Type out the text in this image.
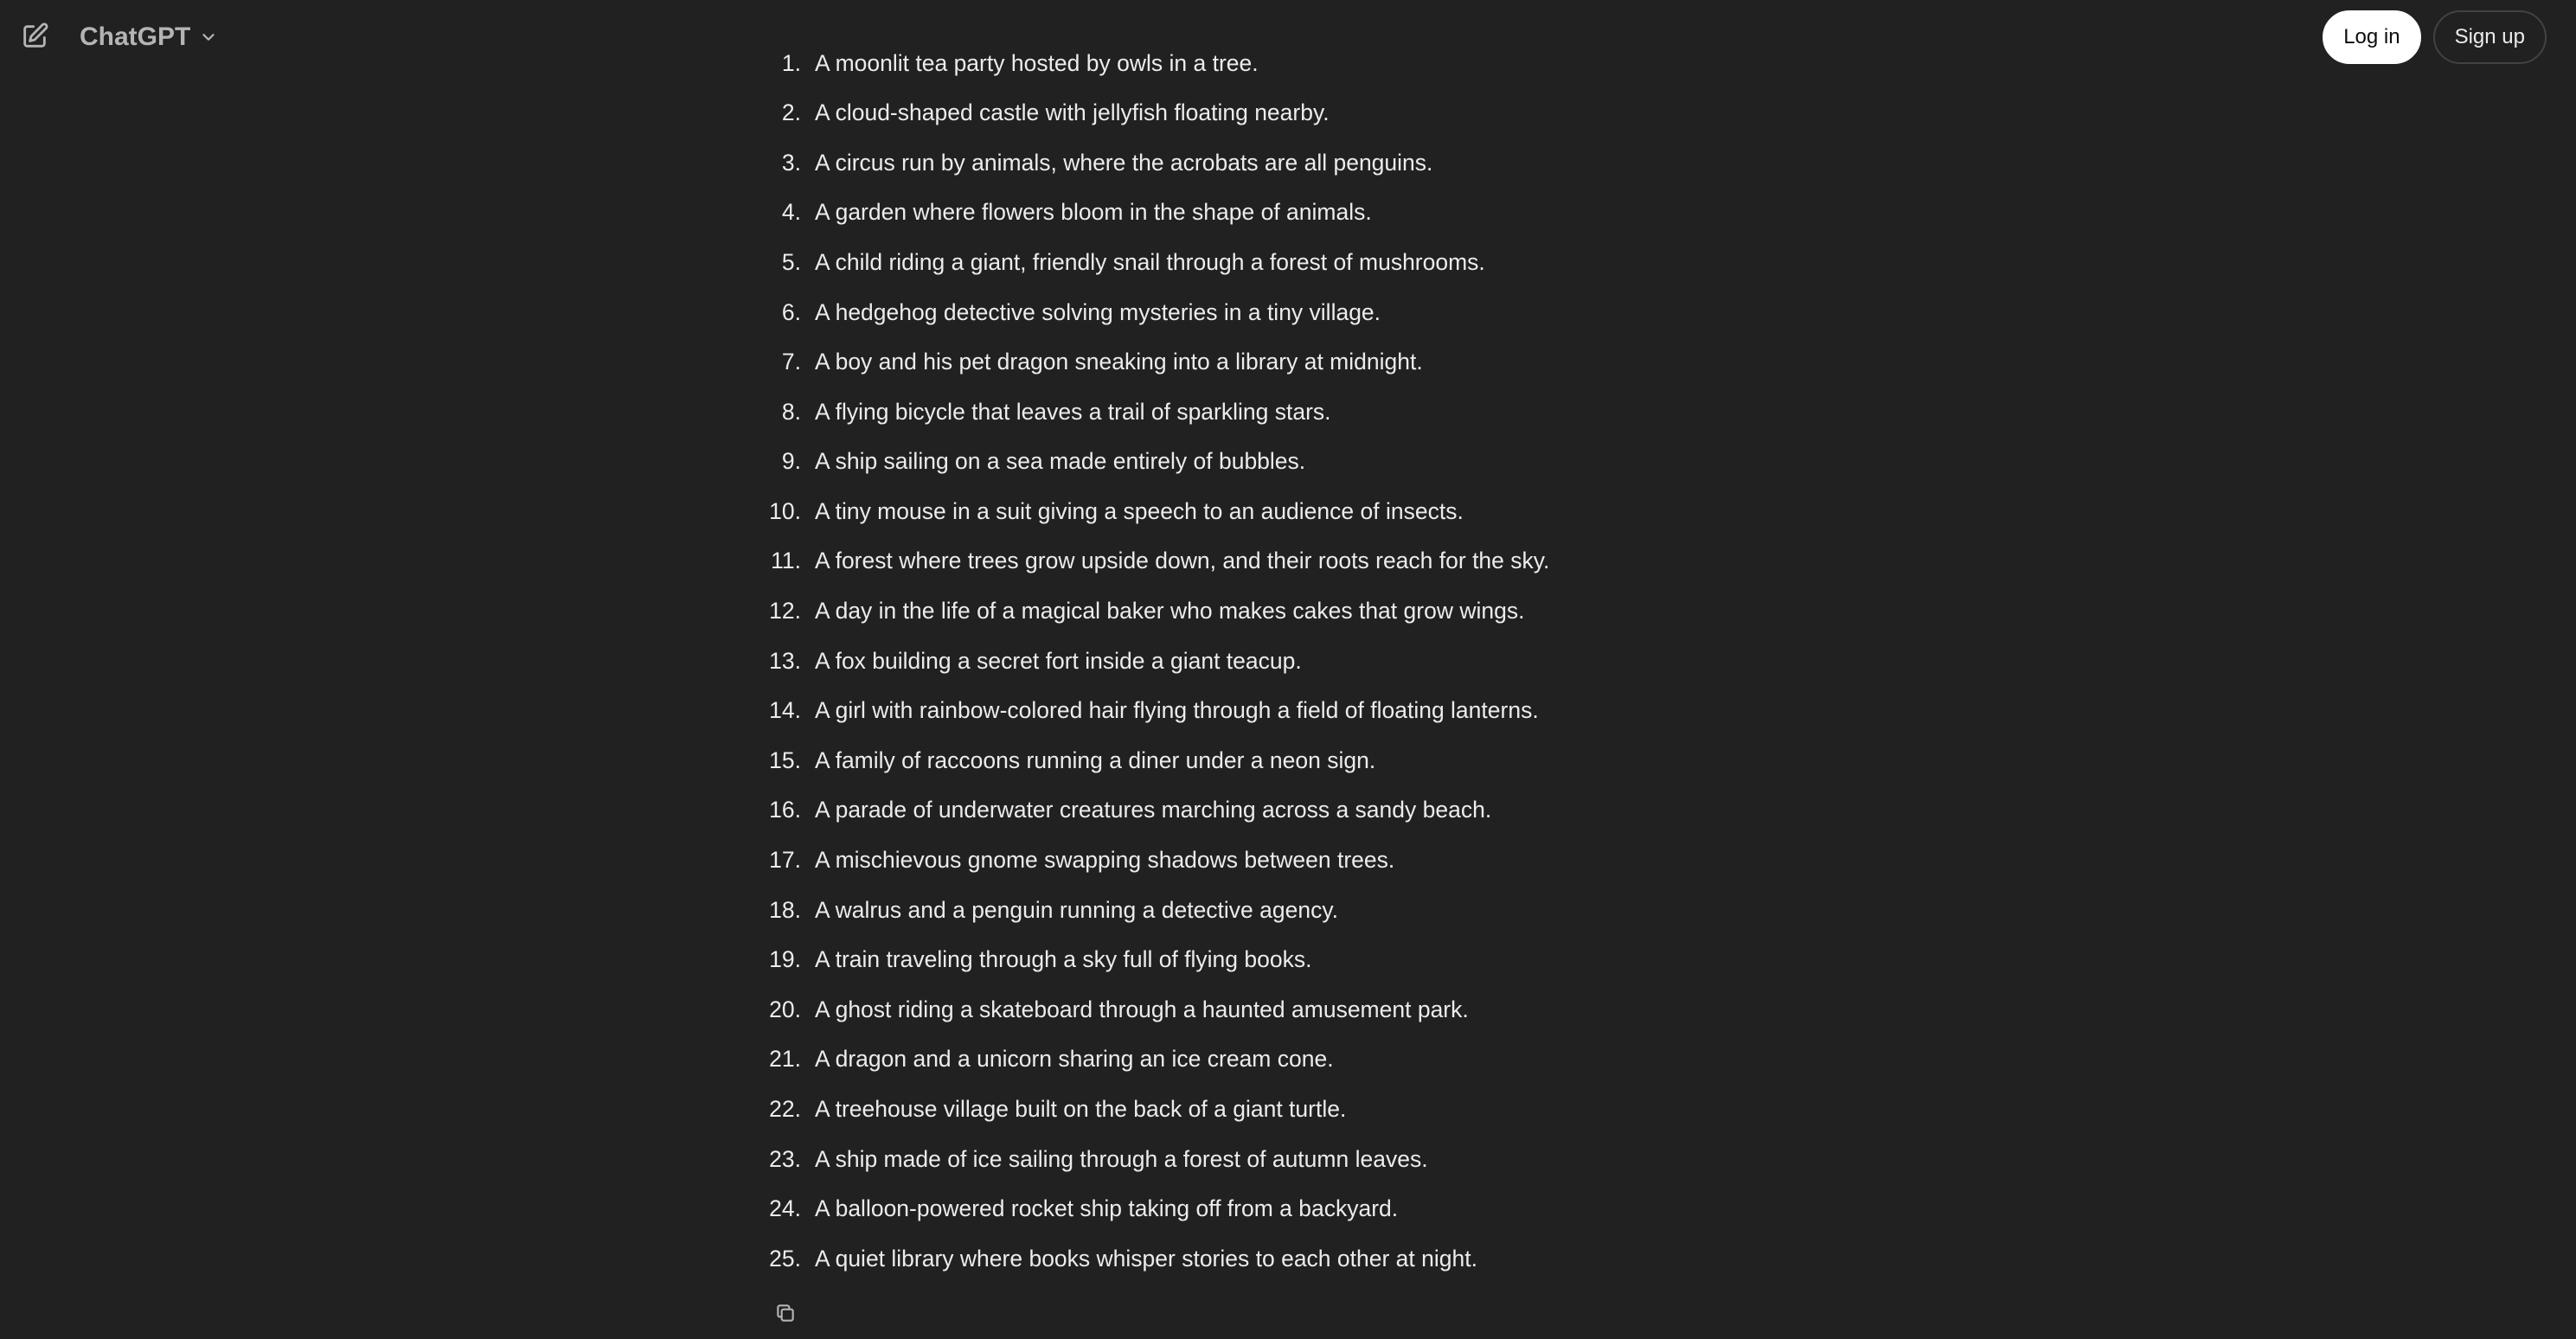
ChatGPT	Log in	Sign up
1. A moonlit tea party hosted by owls in a tree.
2. A cloud-shaped castle with jellyfish floating nearby.
3. A circus run by animals, where the acrobats are all penguins.
4. A garden where flowers bloom in the shape of animals.
5. A child riding a giant, friendly snail through a forest of mushrooms.
6. A hedgehog detective solving mysteries in a tiny village.
7. A boy and his pet dragon sneaking into a library at midnight.
8. A flying bicycle that leaves a trail of sparkling stars.
9. A ship sailing on a sea made entirely of bubbles.
10. A tiny mouse in a suit giving a speech to an audience of insects.
11. A forest where trees grow upside down, and their roots reach for the sky.
12. A day in the life of a magical baker who makes cakes that grow wings.
13. A fox building a secret fort inside a giant teacup.
14. A girl with rainbow-colored hair flying through a field of floating lanterns.
15. A family of raccoons running a diner under a neon sign.
16. A parade of underwater creatures marching across a sandy beach.
17. A mischievous gnome swapping shadows between trees.
18. A walrus and a penguin running a detective agency.
19. A train traveling through a sky full of flying books.
20. A ghost riding a skateboard through a haunted amusement park.
21. A dragon and a unicorn sharing an ice cream cone.
22. A treehouse village built on the back of a giant turtle.
23. A ship made of ice sailing through a forest of autumn leaves.
24. A balloon-powered rocket ship taking off from a backyard.
25. A quiet library where books whisper stories to each other at night.
